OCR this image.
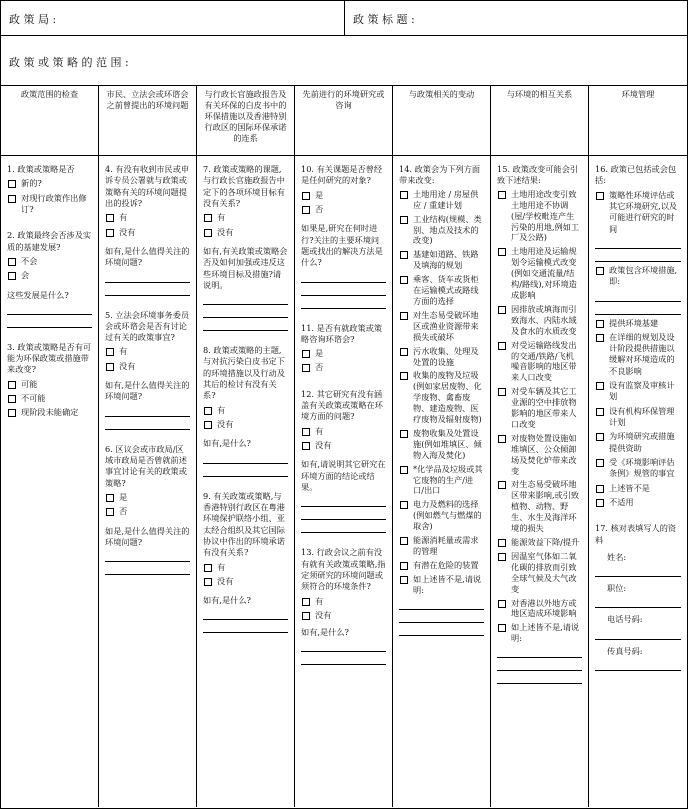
政 策 局 :	政 策 标 题 :
政 策 或 策 略 的 范 围 :
政策范围的检查
1. 政策或策略是否
新的?
对现行政策作出修订?
2. 政策最终会否涉及实质的基建发展?
不会
会
这些发展是什么?
3. 政策或策略是否有可能为环保政策或措施带来改变?
可能
不可能
现阶段未能确定
市民、立法会或环谘会之前曾提出的环境问题
4. 有没有收到市民或申诉专员公署就与政策或策略有关的环境问题提出的投诉?
有
没有
如有,是什么值得关注的环境问题?
5. 立法会环境事务委员会或环谘会是否有讨论过有关的政策事宜?
有
没有
如有,是什么值得关注的环境问题?
6. 区议会或市政局/区域市政局是否曾就前述事宜讨论有关的政策或策略?
是
否
如是,是什么值得关注的环境问题?
与行政长官施政报告及有关环保的白皮书中的环保措施以及香港特别行政区的国际环保承诺的连系
7. 政策或策略的课题,与行政长官施政报告中定下的各项环境目标有没有关系?
有
没有
如有,有关政策或策略会否及如何加强或违反这些环境目标及措施?请说明。
8. 政策或策略的主题,与对抗污染白皮书定下的环境措施以及行动及其后的检讨有没有关系?
有
没有
如有,是什么?
9. 有关政策或策略,与香港特别行政区在粤港环境保护联络小组、亚太经合组织及其它国际协议中作出的环境承诺有没有关系?
有
没有
如有,是什么?
先前进行的环境研究或咨询
10. 有关课题是否曾经是任何研究的对象?
是
否
如果是,研究在何时进行?关注的主要环境问题或找出的解决方法是什么?
11. 是否有就政策或策略咨询环谘会?
是
否
12. 其它研究有没有涵盖有关政策或策略在环境方面的问题?
有
没有
如有,请说明其它研究在环境方面的结论或结果。
13. 行政会议之前有没有就有关政策或策略,指定须研究的环境问题或须符合的环境条件?
有
没有
如有,是什么?
与政策相关的变动
14. 政策会为下列方面带来改变:
土地用途 / 房屋供应 / 重建计划
工业结构(规模、类别、地点及技术的改变)
基建如道路、铁路及填海的规划
乘客、货车或货柜在运输模式或路线方面的选择
对生态易受破坏地区或渔业资源带来损失或破坏
污水收集、处理及处置的设施
收集的废物及垃圾(例如家居废物、化学废物、禽畜废物、建造废物、医疗废物及辐射废物)
废物收集及处置设施(例如堆填区、倾物入海及焚化)
*化学品及垃圾或其它废物的生产/进口/出口
电力及燃料的选择(例如燃气与燃煤的取舍)
能源消耗量或需求的管理
有潜在危险的装置
如上述皆不是,请说明:
与环境的相互关系
15. 政策改变可能会引致下述结果:
土地用途改变引致土地用途不协调(屋/学校毗连产生污染的用地,例如工厂及公路)
土地用途及运输规划令运输模式改变(例如交通流量/结构/路线),对环境造成影响
因排放或填海而引致海水、内陆水域及食水的水质改变
对受运输路线发出的交通/铁路/飞机噪音影响的地区带来人口改变
对受车辆及其它工业源的空中排放物影响的地区带来人口改变
对废物处置设施如堆填区、公众倾卸场及焚化炉带来改变
对生态易受破坏地区带来影响,或引致植物、动物、野生、水生及海洋环境的损失
能源效益下降/提升
因温室气体如二氧化碳的排放而引致全球气候及大气改变
对香港以外地方或地区造成环境影响
如上述皆不是,请说明:
环境管理
16. 政策已包括或会包括:
策略性环境评估或其它环境研究,以及可能进行研究的时间
政策包含环境措施,即:
提供环境基建
在详细的规划及设计阶段提供措施以缓解对环境造成的不良影响
设有监察及审核计划
设有机构环保管理计划
为环境研究或措施提供资助
受《环境影响评估条例》规管的事宜
上述皆不是
不适用
17. 核对表填写人的资料
姓名:
职位:
电话号码:
传真号码:
